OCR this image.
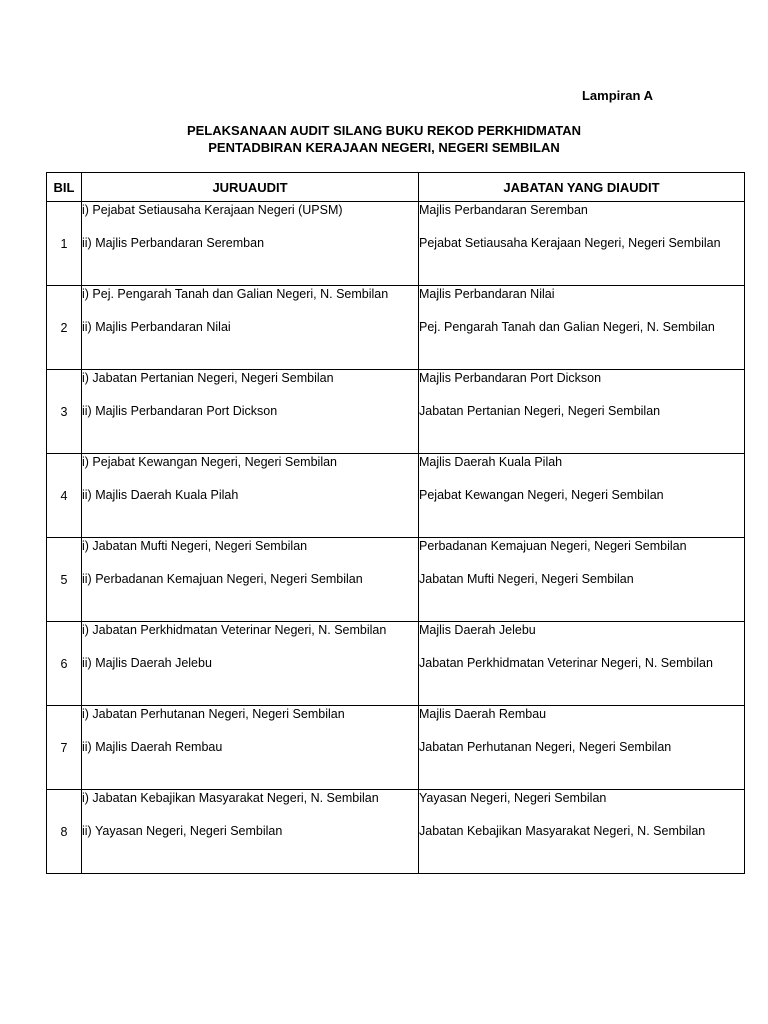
Lampiran A
PELAKSANAAN AUDIT SILANG BUKU REKOD PERKHIDMATAN
PENTADBIRAN KERAJAAN NEGERI, NEGERI SEMBILAN
BIL	JURUAUDIT	JABATAN YANG DIAUDIT
1	i) Pejabat Setiausaha Kerajaan Negeri (UPSM)
ii) Majlis Perbandaran Seremban	Majlis Perbandaran Seremban
Pejabat Setiausaha Kerajaan Negeri, Negeri Sembilan

2	i) Pej. Pengarah Tanah dan Galian Negeri, N. Sembilan
ii) Majlis Perbandaran Nilai	Majlis Perbandaran Nilai
Pej. Pengarah Tanah dan Galian Negeri, N. Sembilan

3	i) Jabatan Pertanian Negeri, Negeri Sembilan
ii) Majlis Perbandaran Port Dickson	Majlis Perbandaran Port Dickson
Jabatan Pertanian Negeri, Negeri Sembilan

4	i) Pejabat Kewangan Negeri, Negeri Sembilan
ii) Majlis Daerah Kuala Pilah	Majlis Daerah Kuala Pilah
Pejabat Kewangan Negeri, Negeri Sembilan

5	i) Jabatan Mufti Negeri, Negeri Sembilan
ii) Perbadanan Kemajuan Negeri, Negeri Sembilan	Perbadanan Kemajuan Negeri, Negeri Sembilan
Jabatan Mufti Negeri, Negeri Sembilan

6	i) Jabatan Perkhidmatan Veterinar Negeri, N. Sembilan
ii) Majlis Daerah Jelebu	Majlis Daerah Jelebu
Jabatan Perkhidmatan Veterinar Negeri, N. Sembilan

7	i) Jabatan Perhutanan Negeri, Negeri Sembilan
ii) Majlis Daerah Rembau	Majlis Daerah Rembau
Jabatan Perhutanan Negeri, Negeri Sembilan

8	i) Jabatan Kebajikan Masyarakat Negeri, N. Sembilan
ii) Yayasan Negeri, Negeri Sembilan	Yayasan Negeri, Negeri Sembilan
Jabatan Kebajikan Masyarakat Negeri, N. Sembilan
